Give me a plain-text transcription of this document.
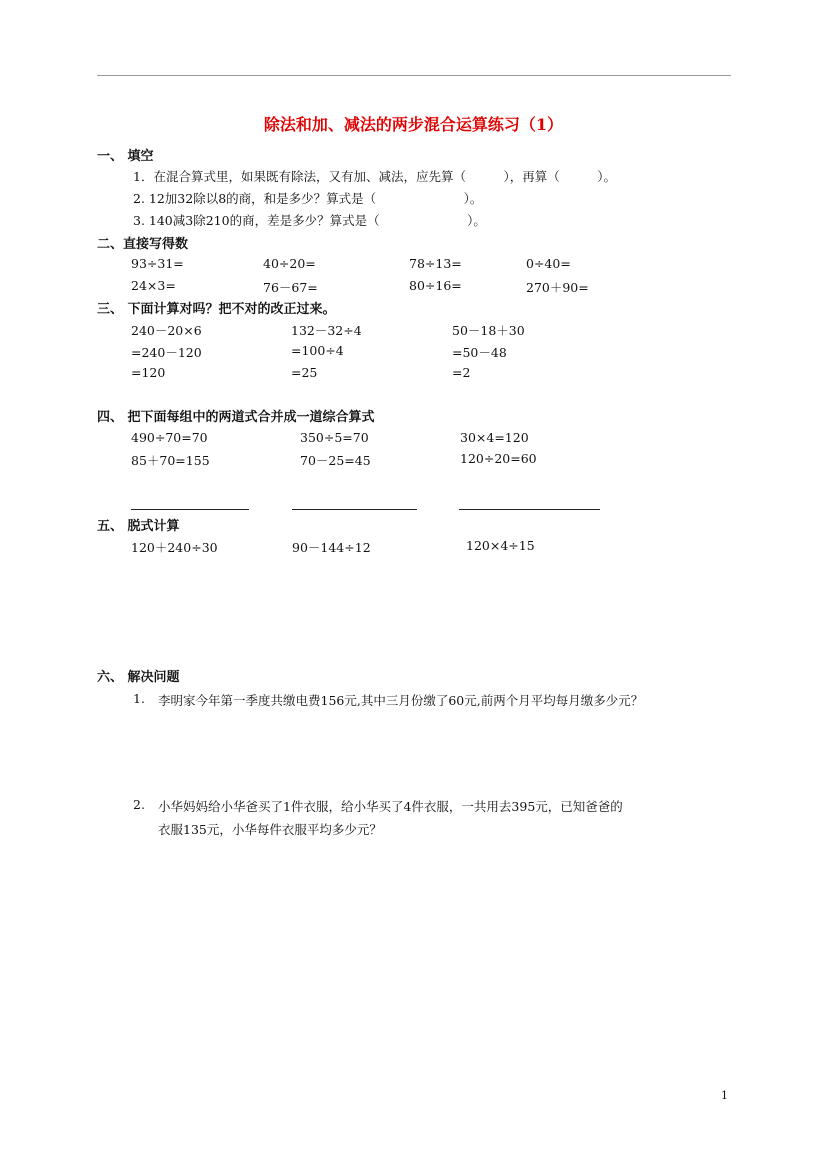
除法和加、减法的两步混合运算练习（1）
一、 填空
1．在混合算式里，如果既有除法，又有加、减法，应先算（　　　），再算（　　　）。
2. 12加32除以8的商，和是多少？算式是（　　　　　　　）。
3. 140减3除210的商，差是多少？算式是（　　　　　　　）。
二、直接写得数
93÷31=	40÷20=	78÷13=	0÷40=
24×3=	76－67=	80÷16=	270＋90=
三、 下面计算对吗？把不对的改正过来。
240－20×6
=240－120
=120
132－32÷4
=100÷4
=25
50－18＋30
=50－48
=2
四、 把下面每组中的两道式合并成一道综合算式
490÷70=70	350÷5=70	30×4=120
85＋70=155	70－25=45	120÷20=60
五、 脱式计算
120＋240÷30	90－144÷12	120×4÷15
六、 解决问题
1. 李明家今年第一季度共缴电费156元,其中三月份缴了60元,前两个月平均每月缴多少元？
2. 小华妈妈给小华爸买了1件衣服，给小华买了4件衣服，一共用去395元，已知爸爸的
衣服135元，小华每件衣服平均多少元？
1
